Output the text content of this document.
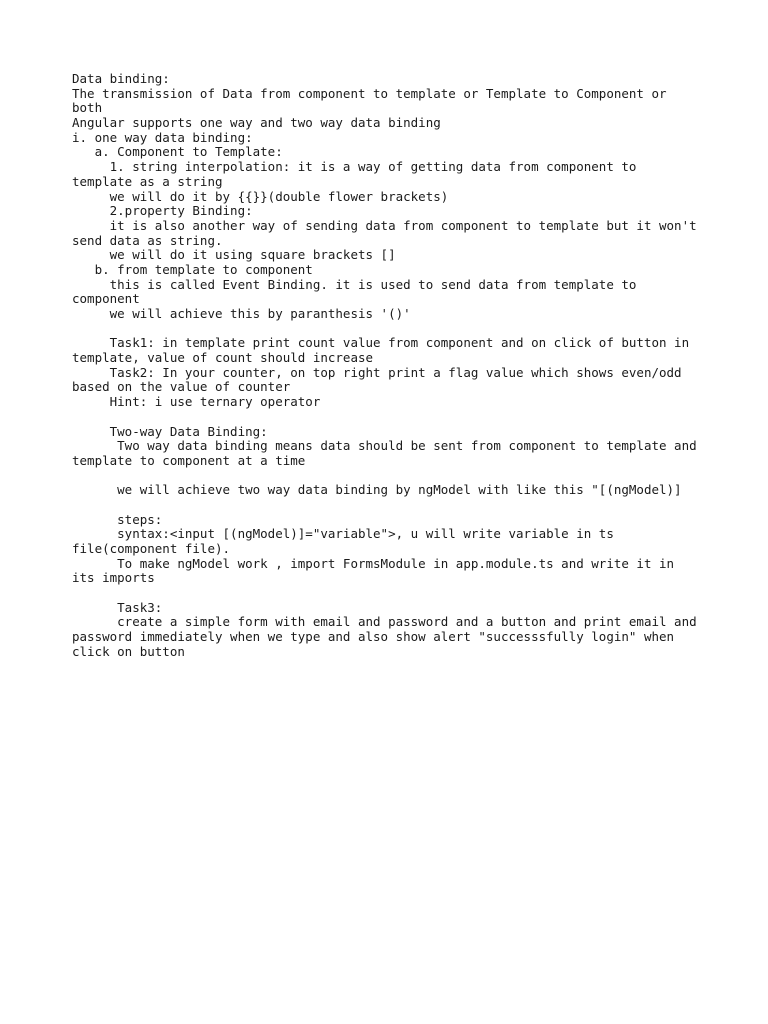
Data binding:

The transmission of Data from component to template or Template to Component or

both

Angular supports one way and two way data binding

i. one way data binding:

a. Component to Template:

1. string interpolation: it is a way of getting data from component to

template as a string

we will do it by {{}}(double flower brackets)

2.property Binding:

it is also another way of sending data from component to template but it won't

send data as string.

we will do it using square brackets []

b. from template to component

this is called Event Binding. it is used to send data from template to

component

we will achieve this by paranthesis '()'

Task1: in template print count value from component and on click of button in

template, value of count should increase

Task2: In your counter, on top right print a flag value which shows even/odd

based on the value of counter

Hint: i use ternary operator

Two-way Data Binding:

Two way data binding means data should be sent from component to template and

template to component at a time

we will achieve two way data binding by ngModel with like this "[(ngModel)]

steps:

syntax:<input [(ngModel)]="variable">, u will write variable in ts

file(component file).

To make ngModel work , import FormsModule in app.module.ts and write it in

its imports

Task3:

create a simple form with email and password and a button and print email and

password immediately when we type and also show alert "successsfully login" when

click on button
